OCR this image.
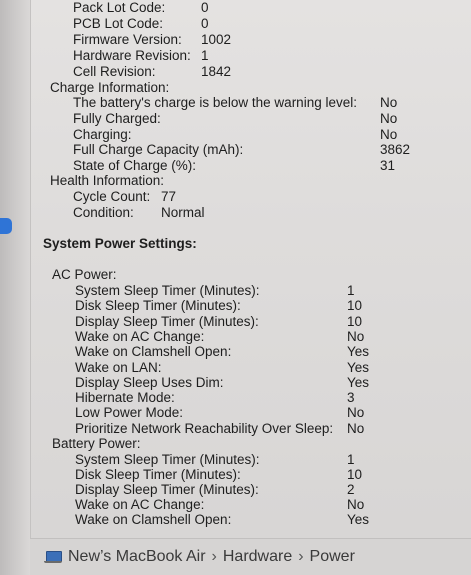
Pack Lot Code:	0
PCB Lot Code:	0
Firmware Version: 1002
Hardware Revision: 1
Cell Revision:	1842
Charge Information:
The battery's charge is below the warning level: No
Fully Charged:	No
Charging:	No
Full Charge Capacity (mAh):	3862
State of Charge (%):	31
Health Information:
Cycle Count: 77
Condition: Normal
System Power Settings:
AC Power:
System Sleep Timer (Minutes):	1
Disk Sleep Timer (Minutes):	10
Display Sleep Timer (Minutes):	10
Wake on AC Change:	No
Wake on Clamshell Open:	Yes
Wake on LAN:	Yes
Display Sleep Uses Dim:	Yes
Hibernate Mode:	3
Low Power Mode:	No
Prioritize Network Reachability Over Sleep: No
Battery Power:
System Sleep Timer (Minutes):	1
Disk Sleep Timer (Minutes):	10
Display Sleep Timer (Minutes):	2
Wake on AC Change:	No
Wake on Clamshell Open:	Yes
New’s MacBook Air › Hardware › Power
